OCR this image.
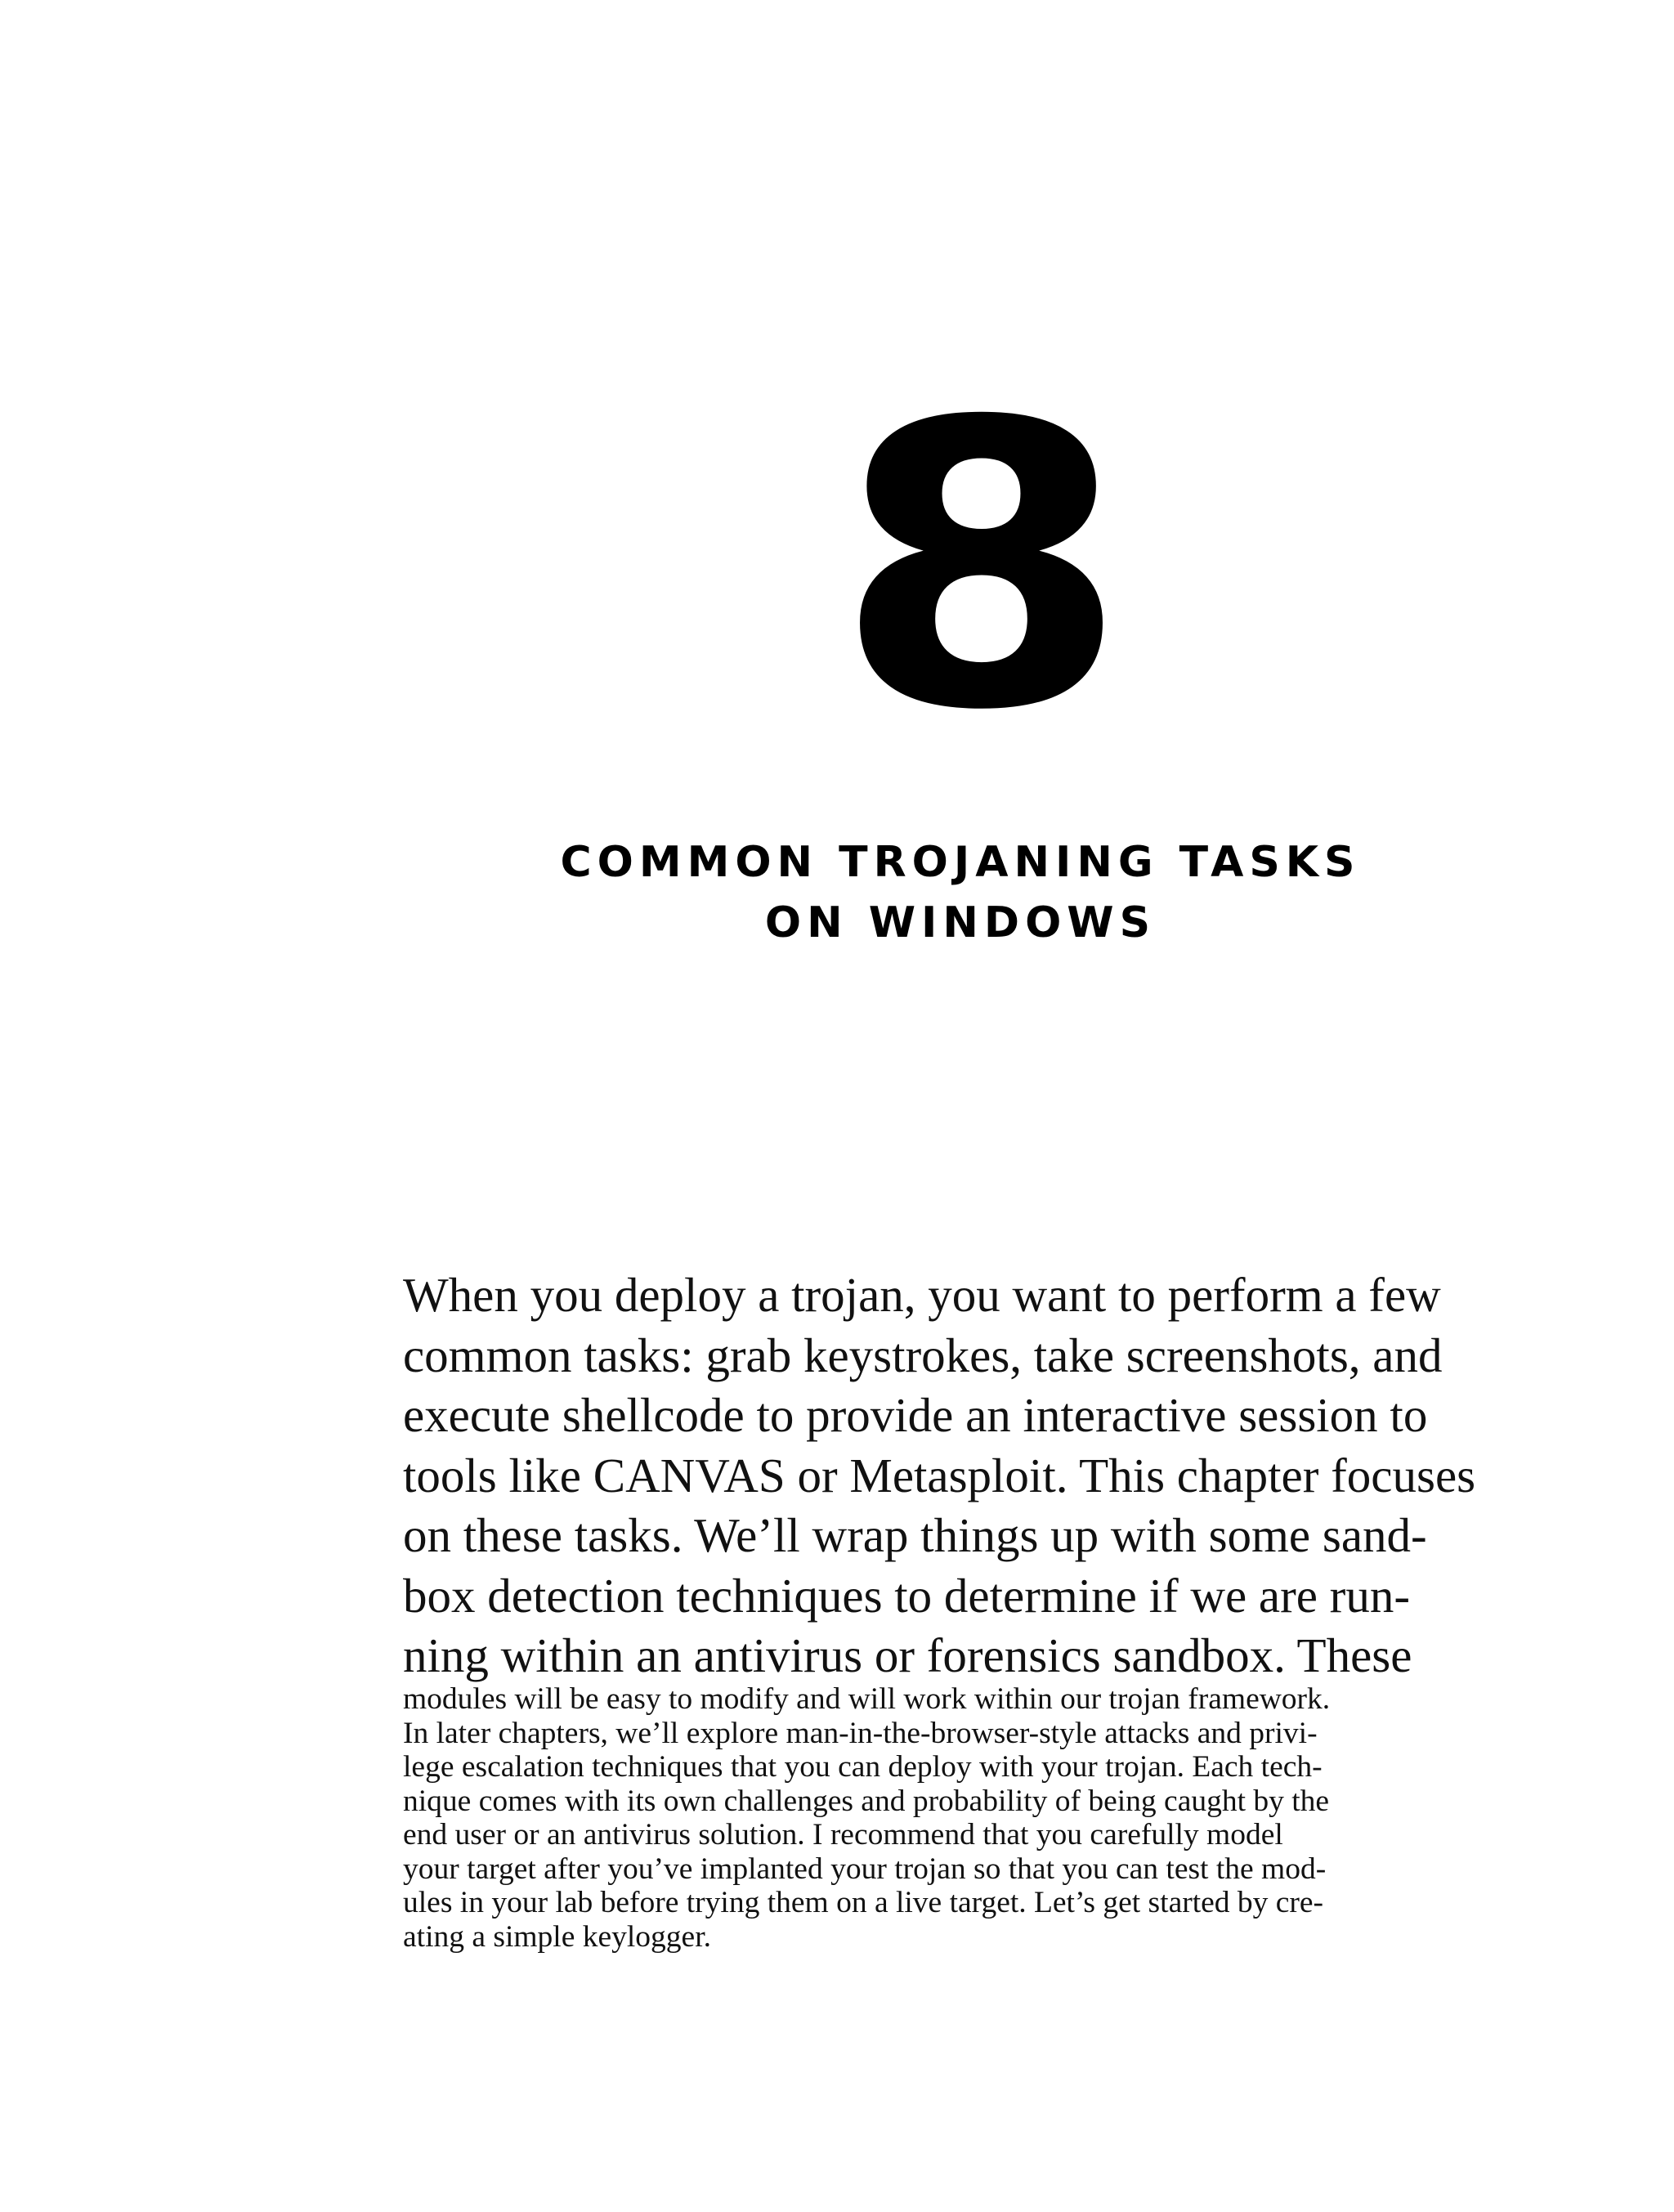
8
COMMON TROJANING TASKS
ON WINDOWS
When you deploy a trojan, you want to perform a few
common tasks: grab keystrokes, take screenshots, and
execute shellcode to provide an interactive session to
tools like CANVAS or Metasploit. This chapter focuses
on these tasks. We’ll wrap things up with some sand-
box detection techniques to determine if we are run-
ning within an antivirus or forensics sandbox. These
modules will be easy to modify and will work within our trojan framework.
In later chapters, we’ll explore man-in-the-browser-style attacks and privi-
lege escalation techniques that you can deploy with your trojan. Each tech-
nique comes with its own challenges and probability of being caught by the
end user or an antivirus solution. I recommend that you carefully model
your target after you’ve implanted your trojan so that you can test the mod-
ules in your lab before trying them on a live target. Let’s get started by cre-
ating a simple keylogger.
